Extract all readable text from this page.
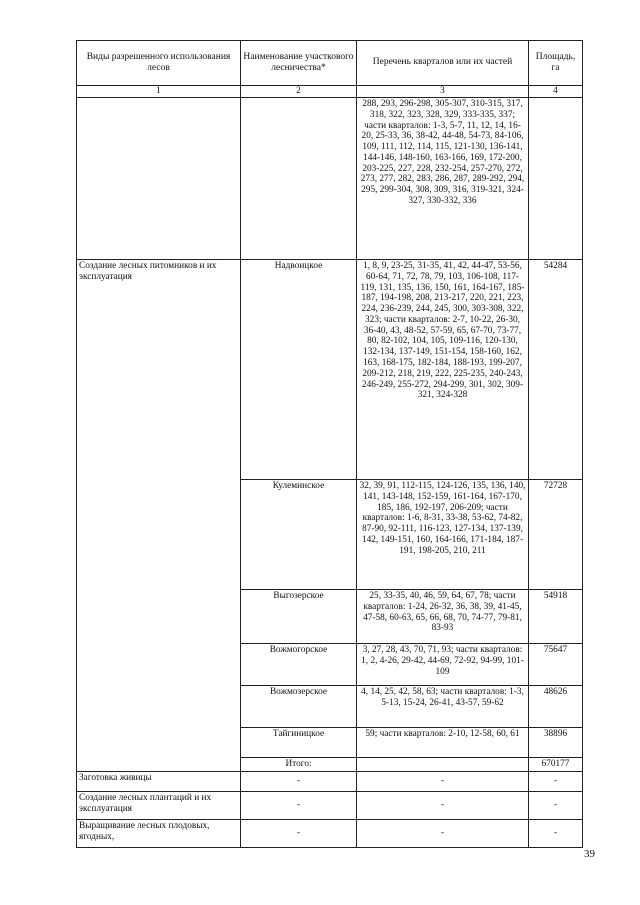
Виды разрешенного использования лесов	Наименование участкового лесничества*	Перечень кварталов или их частей	Площадь, га
1	2	3	4
		288, 293, 296-298, 305-307, 310-315, 317, 318, 322, 323, 328, 329, 333-335, 337; части кварталов: 1-3, 5-7, 11, 12, 14, 16-20, 25-33, 36, 38-42, 44-48, 54-73, 84-106, 109, 111, 112, 114, 115, 121-130, 136-141, 144-146, 148-160, 163-166, 169, 172-200, 203-225, 227, 228, 232-254, 257-270, 272, 273, 277, 282, 283, 286, 287, 289-292, 294, 295, 299-304, 308, 309, 316, 319-321, 324-327, 330-332, 336	
Создание лесных питомников и их эксплуатация	Надвоицкое	1, 8, 9, 23-25, 31-35, 41, 42, 44-47, 53-56, 60-64, 71, 72, 78, 79, 103, 106-108, 117-119, 131, 135, 136, 150, 161, 164-167, 185-187, 194-198, 208, 213-217, 220, 221, 223, 224, 236-239, 244, 245, 300, 303-308, 322, 323; части кварталов: 2-7, 10-22, 26-30, 36-40, 43, 48-52, 57-59, 65, 67-70, 73-77, 80, 82-102, 104, 105, 109-116, 120-130, 132-134, 137-149, 151-154, 158-160, 162, 163, 168-175, 182-184, 188-193, 199-207, 209-212, 218, 219, 222, 225-235, 240-243, 246-249, 255-272, 294-299, 301, 302, 309-321, 324-328	54284
	Кулеминское	32, 39, 91, 112-115, 124-126, 135, 136, 140, 141, 143-148, 152-159, 161-164, 167-170, 185, 186, 192-197, 206-209; части кварталов: 1-6, 8-31, 33-38, 53-62, 74-82, 87-90, 92-111, 116-123, 127-134, 137-139, 142, 149-151, 160, 164-166, 171-184, 187-191, 198-205, 210, 211	72728
	Выгозерское	25, 33-35, 40, 46, 59, 64, 67, 78; части кварталов: 1-24, 26-32, 36, 38, 39, 41-45, 47-58, 60-63, 65, 66, 68, 70, 74-77, 79-81, 83-93	54918
	Вожмогорское	3, 27, 28, 43, 70, 71, 93; части кварталов: 1, 2, 4-26, 29-42, 44-69, 72-92, 94-99, 101-109	75647
	Вожмозерское	4, 14, 25, 42, 58, 63; части кварталов: 1-3, 5-13, 15-24, 26-41, 43-57, 59-62	48626
	Тайгиницкое	59; части кварталов: 2-10, 12-58, 60, 61	38896
	Итого:		670177
Заготовка живицы	-	-	-
Создание лесных плантаций и их эксплуатация	-	-	-
Выращивание лесных плодовых, ягодных,	-	-	-
39
